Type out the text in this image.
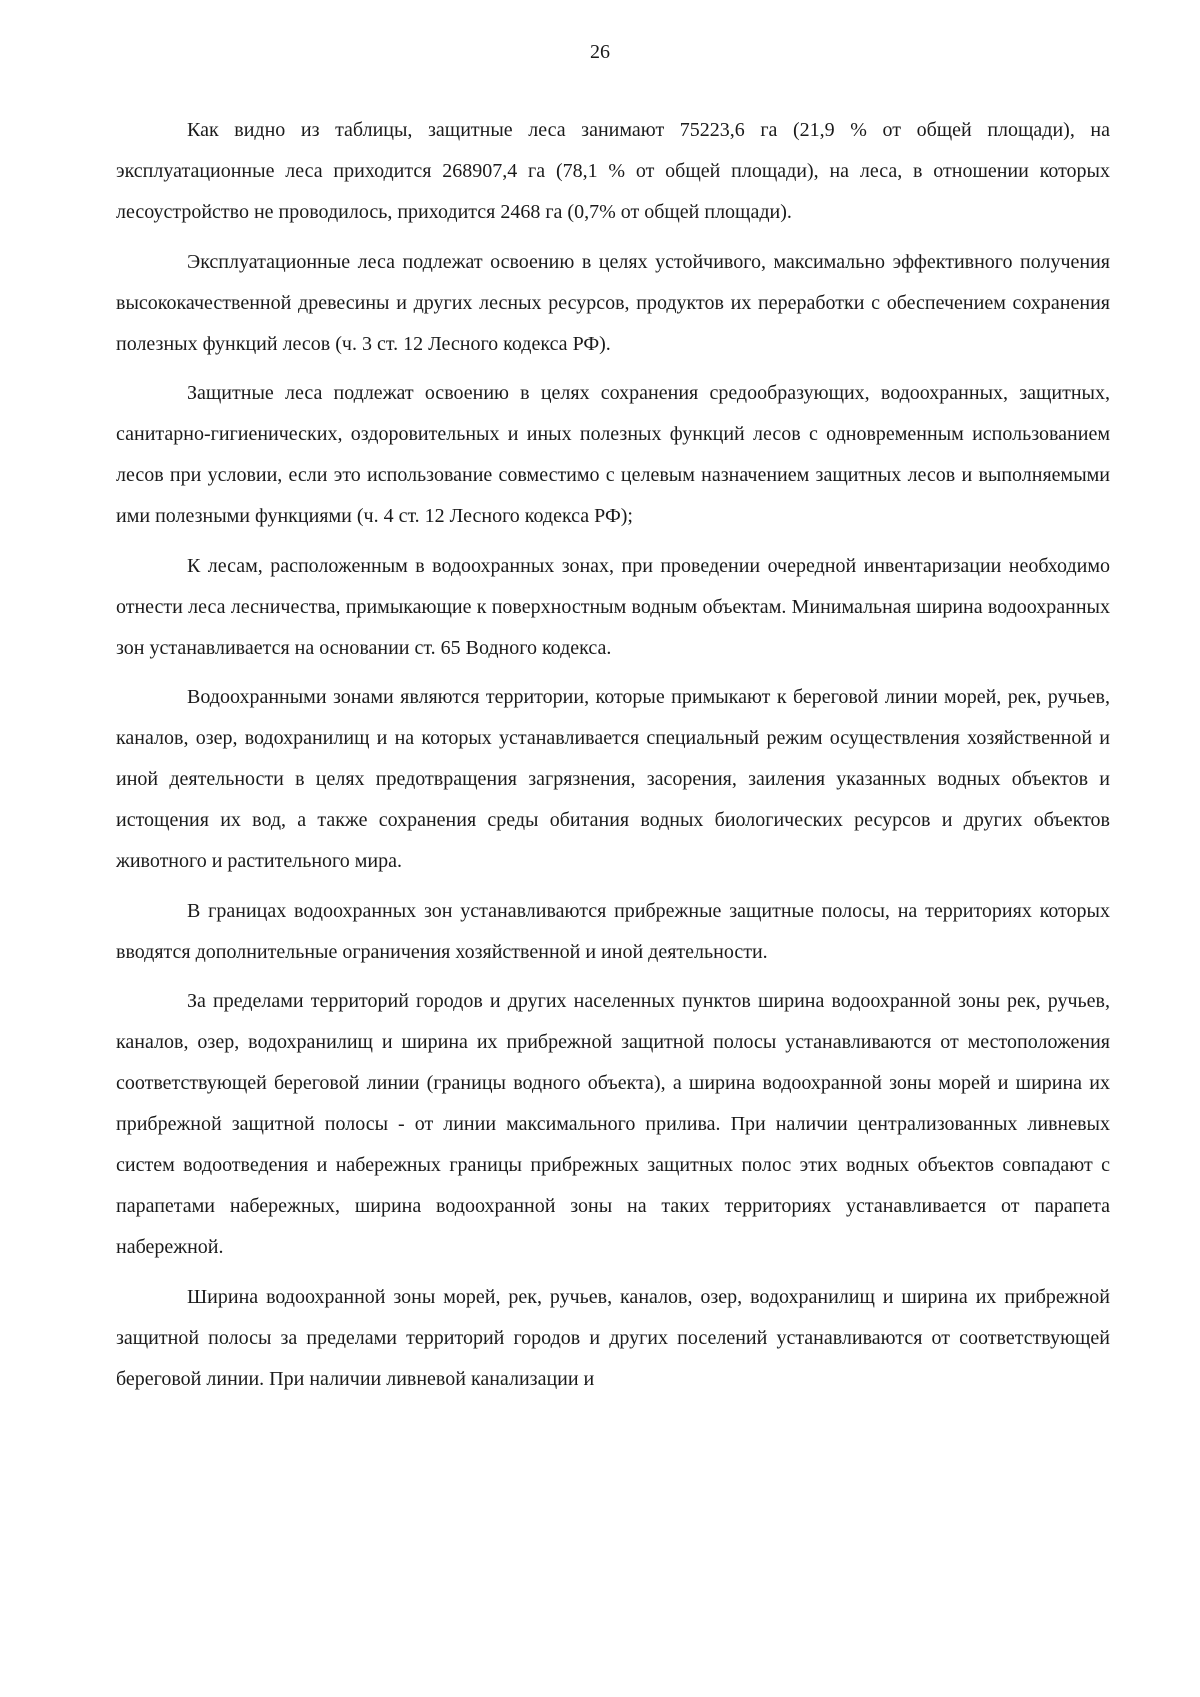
26

Как видно из таблицы, защитные леса занимают 75223,6 га (21,9 % от общей площади), на эксплуатационные леса приходится 268907,4 га (78,1 % от общей площади), на леса, в отношении которых лесоустройство не проводилось, приходится 2468 га (0,7% от общей площади).

Эксплуатационные леса подлежат освоению в целях устойчивого, максимально эффективного получения высококачественной древесины и других лесных ресурсов, продуктов их переработки с обеспечением сохранения полезных функций лесов (ч. 3 ст. 12 Лесного кодекса РФ).

Защитные леса подлежат освоению в целях сохранения средообразующих, водоохранных, защитных, санитарно-гигиенических, оздоровительных и иных полезных функций лесов с одновременным использованием лесов при условии, если это использование совместимо с целевым назначением защитных лесов и выполняемыми ими полезными функциями (ч. 4 ст. 12 Лесного кодекса РФ);

К лесам, расположенным в водоохранных зонах, при проведении очередной инвентаризации необходимо отнести леса лесничества, примыкающие к поверхностным водным объектам. Минимальная ширина водоохранных зон устанавливается на основании ст. 65 Водного кодекса.

Водоохранными зонами являются территории, которые примыкают к береговой линии морей, рек, ручьев, каналов, озер, водохранилищ и на которых устанавливается специальный режим осуществления хозяйственной и иной деятельности в целях предотвращения загрязнения, засорения, заиления указанных водных объектов и истощения их вод, а также сохранения среды обитания водных биологических ресурсов и других объектов животного и растительного мира.

В границах водоохранных зон устанавливаются прибрежные защитные полосы, на территориях которых вводятся дополнительные ограничения хозяйственной и иной деятельности.

За пределами территорий городов и других населенных пунктов ширина водоохранной зоны рек, ручьев, каналов, озер, водохранилищ и ширина их прибрежной защитной полосы устанавливаются от местоположения соответствующей береговой линии (границы водного объекта), а ширина водоохранной зоны морей и ширина их прибрежной защитной полосы - от линии максимального прилива. При наличии централизованных ливневых систем водоотведения и набережных границы прибрежных защитных полос этих водных объектов совпадают с парапетами набережных, ширина водоохранной зоны на таких территориях устанавливается от парапета набережной.

Ширина водоохранной зоны морей, рек, ручьев, каналов, озер, водохранилищ и ширина их прибрежной защитной полосы за пределами территорий городов и других поселений устанавливаются от соответствующей береговой линии. При наличии ливневой канализации и
